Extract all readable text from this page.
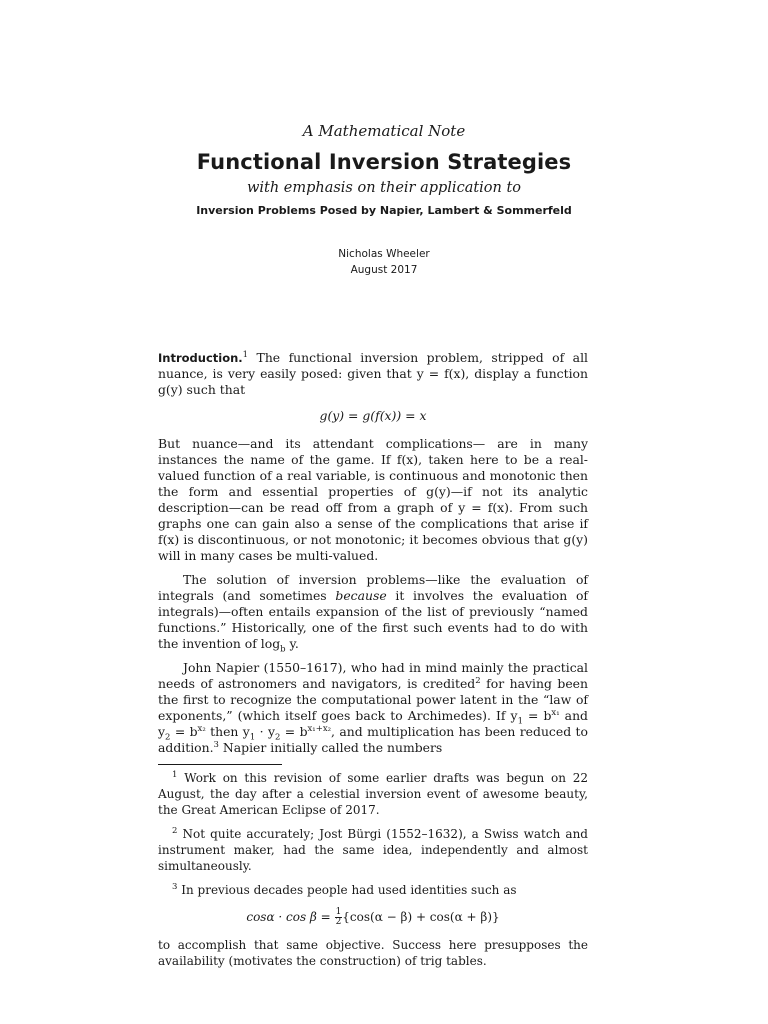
A Mathematical Note
Functional Inversion Strategies
with emphasis on their application to
Inversion Problems Posed by Napier, Lambert & Sommerfeld
Nicholas Wheeler
August 2017

Introduction.$^1$ The functional inversion problem, stripped of all nuance, is very easily posed: given that y = f(x), display a function g(y) such that

g(y) = g(f(x)) = x

But nuance—and its attendant complications— are in many instances the name of the game. If f(x), taken here to be a real-valued function of a real variable, is continuous and monotonic then the form and essential properties of g(y)—if not its analytic description—can be read off from a graph of y = f(x). From such graphs one can gain also a sense of the complications that arise if f(x) is discontinuous, or not monotonic; it becomes obvious that g(y) will in many cases be multi-valued.

The solution of inversion problems—like the evaluation of integrals (and sometimes because it involves the evaluation of integrals)—often entails expansion of the list of previously “named functions.” Historically, one of the first such events had to do with the invention of $\log_b y$.

John Napier (1550–1617), who had in mind mainly the practical needs of astronomers and navigators, is credited$^2$ for having been the first to recognize the computational power latent in the “law of exponents,” (which itself goes back to Archimedes). If $y_1 = b^{x_1}$ and $y_2 = b^{x_2}$ then $y_1 \cdot y_2 = b^{x_1+x_2}$, and multiplication has been reduced to addition.$^3$ Napier initially called the numbers

$^1$ Work on this revision of some earlier drafts was begun on 22 August, the day after a celestial inversion event of awesome beauty, the Great American Eclipse of 2017.

$^2$ Not quite accurately; Jost Bürgi (1552–1632), a Swiss watch and instrument maker, had the same idea, independently and almost simultaneously.

$^3$ In previous decades people had used identities such as

$\cos\alpha \cdot \cos \beta = \frac{1}{2} \{\cos(\alpha - \beta) + \cos(\alpha + \beta)\}$

to accomplish that same objective. Success here presupposes the availability (motivates the construction) of trig tables.
